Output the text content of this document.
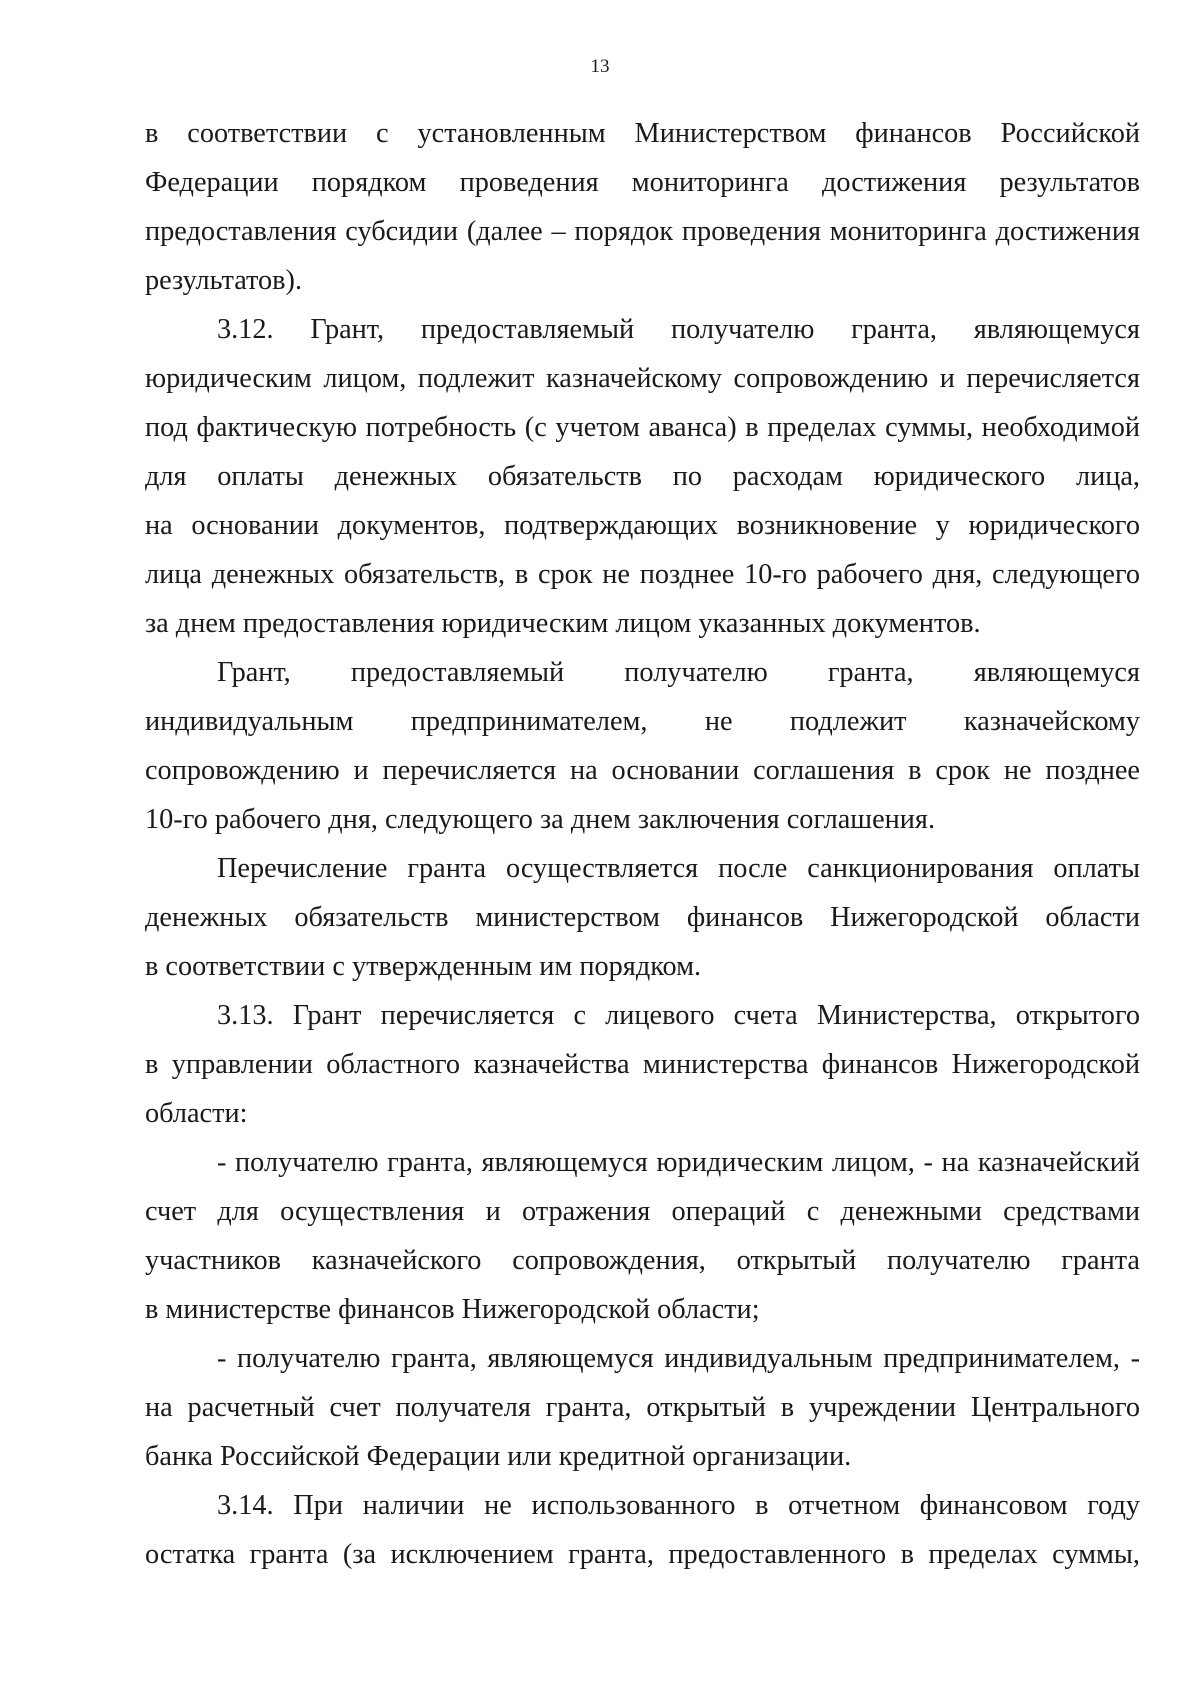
13
в соответствии с установленным Министерством финансов Российской
Федерации порядком проведения мониторинга достижения результатов
предоставления субсидии (далее – порядок проведения мониторинга достижения
результатов).
3.12. Грант, предоставляемый получателю гранта, являющемуся
юридическим лицом, подлежит казначейскому сопровождению и перечисляется
под фактическую потребность (с учетом аванса) в пределах суммы, необходимой
для оплаты денежных обязательств по расходам юридического лица,
на основании документов, подтверждающих возникновение у юридического
лица денежных обязательств, в срок не позднее 10-го рабочего дня, следующего
за днем предоставления юридическим лицом указанных документов.
Грант, предоставляемый получателю гранта, являющемуся
индивидуальным предпринимателем, не подлежит казначейскому
сопровождению и перечисляется на основании соглашения в срок не позднее
10-го рабочего дня, следующего за днем заключения соглашения.
Перечисление гранта осуществляется после санкционирования оплаты
денежных обязательств министерством финансов Нижегородской области
в соответствии с утвержденным им порядком.
3.13. Грант перечисляется с лицевого счета Министерства, открытого
в управлении областного казначейства министерства финансов Нижегородской
области:
- получателю гранта, являющемуся юридическим лицом, - на казначейский
счет для осуществления и отражения операций с денежными средствами
участников казначейского сопровождения, открытый получателю гранта
в министерстве финансов Нижегородской области;
- получателю гранта, являющемуся индивидуальным предпринимателем, -
на расчетный счет получателя гранта, открытый в учреждении Центрального
банка Российской Федерации или кредитной организации.
3.14. При наличии не использованного в отчетном финансовом году
остатка гранта (за исключением гранта, предоставленного в пределах суммы,
